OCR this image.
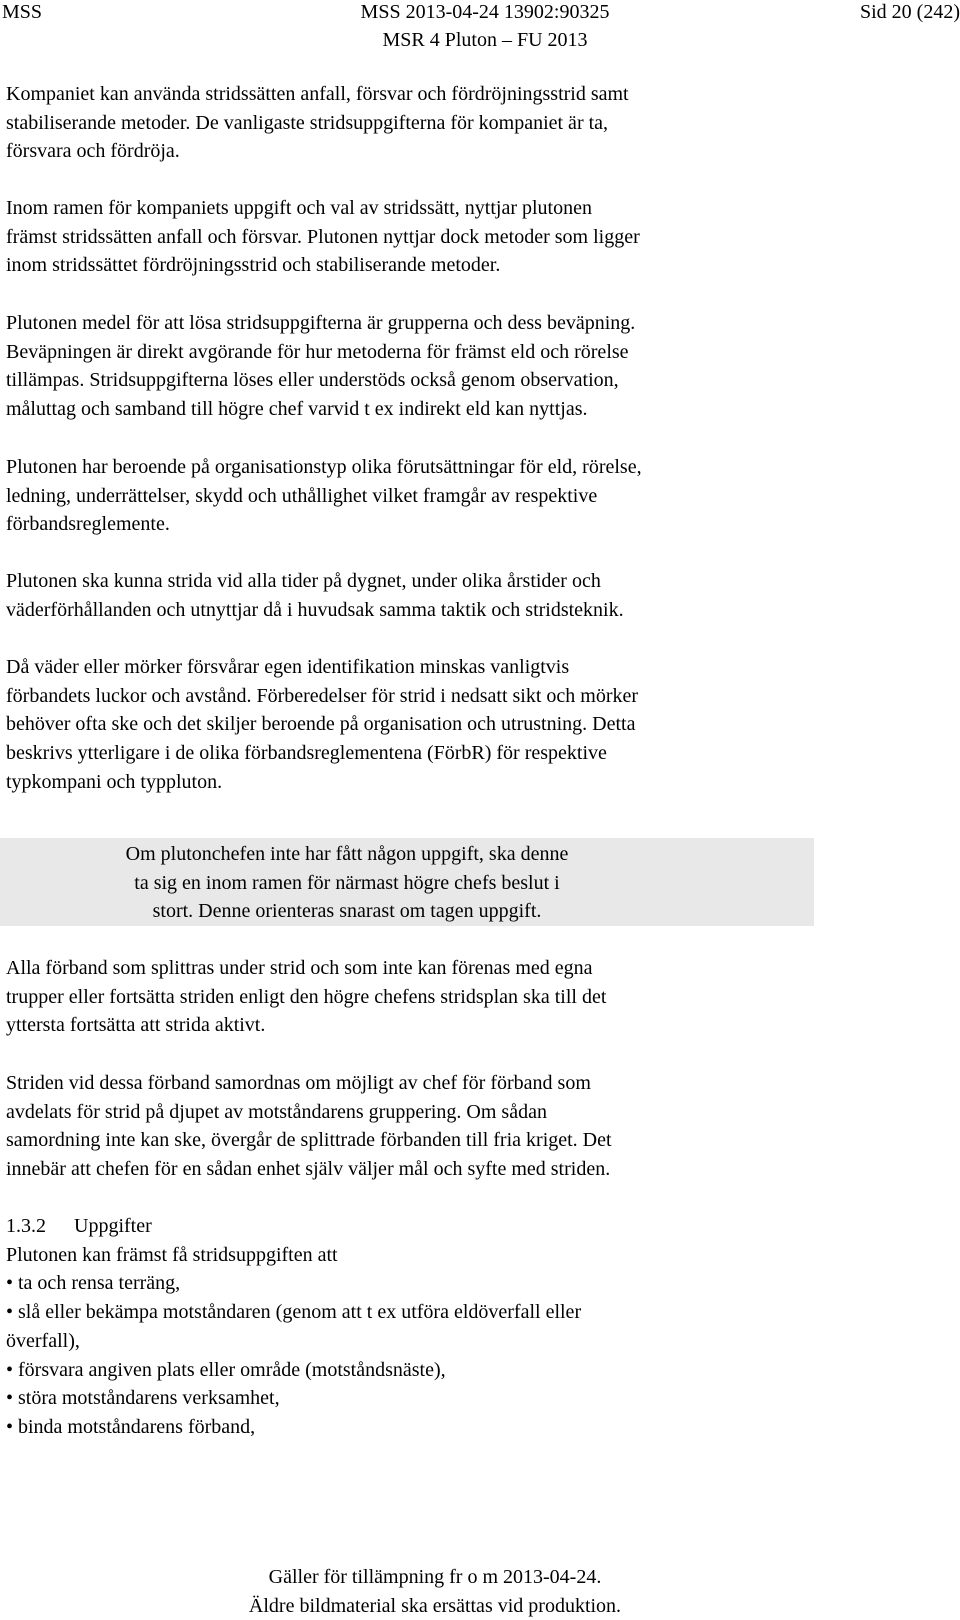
MSS	MSS 2013-04-24 13902:90325
MSR 4 Pluton – FU 2013
Sid 20 (242)
Kompaniet kan använda stridssätten anfall, försvar och fördröjningsstrid samt
stabiliserande metoder. De vanligaste stridsuppgifterna för kompaniet är ta,
försvara och fördröja.
Inom ramen för kompaniets uppgift och val av stridssätt, nyttjar plutonen
främst stridssätten anfall och försvar. Plutonen nyttjar dock metoder som ligger
inom stridssättet fördröjningsstrid och stabiliserande metoder.
Plutonen medel för att lösa stridsuppgifterna är grupperna och dess beväpning.
Beväpningen är direkt avgörande för hur metoderna för främst eld och rörelse
tillämpas. Stridsuppgifterna löses eller understöds också genom observation,
måluttag och samband till högre chef varvid t ex indirekt eld kan nyttjas.
Plutonen har beroende på organisationstyp olika förutsättningar för eld, rörelse,
ledning, underrättelser, skydd och uthållighet vilket framgår av respektive
förbandsreglemente.
Plutonen ska kunna strida vid alla tider på dygnet, under olika årstider och
väderförhållanden och utnyttjar då i huvudsak samma taktik och stridsteknik.
Då väder eller mörker försvårar egen identifikation minskas vanligtvis
förbandets luckor och avstånd. Förberedelser för strid i nedsatt sikt och mörker
behöver ofta ske och det skiljer beroende på organisation och utrustning. Detta
beskrivs ytterligare i de olika förbandsreglementena (FörbR) för respektive
typkompani och typpluton.
Om plutonchefen inte har fått någon uppgift, ska denne
ta sig en inom ramen för närmast högre chefs beslut i
stort. Denne orienteras snarast om tagen uppgift.
Alla förband som splittras under strid och som inte kan förenas med egna
trupper eller fortsätta striden enligt den högre chefens stridsplan ska till det
yttersta fortsätta att strida aktivt.
Striden vid dessa förband samordnas om möjligt av chef för förband som
avdelats för strid på djupet av motståndarens gruppering. Om sådan
samordning inte kan ske, övergår de splittrade förbanden till fria kriget. Det
innebär att chefen för en sådan enhet själv väljer mål och syfte med striden.
1.3.2 Uppgifter
Plutonen kan främst få stridsuppgiften att
• ta och rensa terräng,
• slå eller bekämpa motståndaren (genom att t ex utföra eldöverfall eller
överfall),
• försvara angiven plats eller område (motståndsnäste),
• störa motståndarens verksamhet,
• binda motståndarens förband,
Gäller för tillämpning fr o m 2013-04-24.
Äldre bildmaterial ska ersättas vid produktion.
